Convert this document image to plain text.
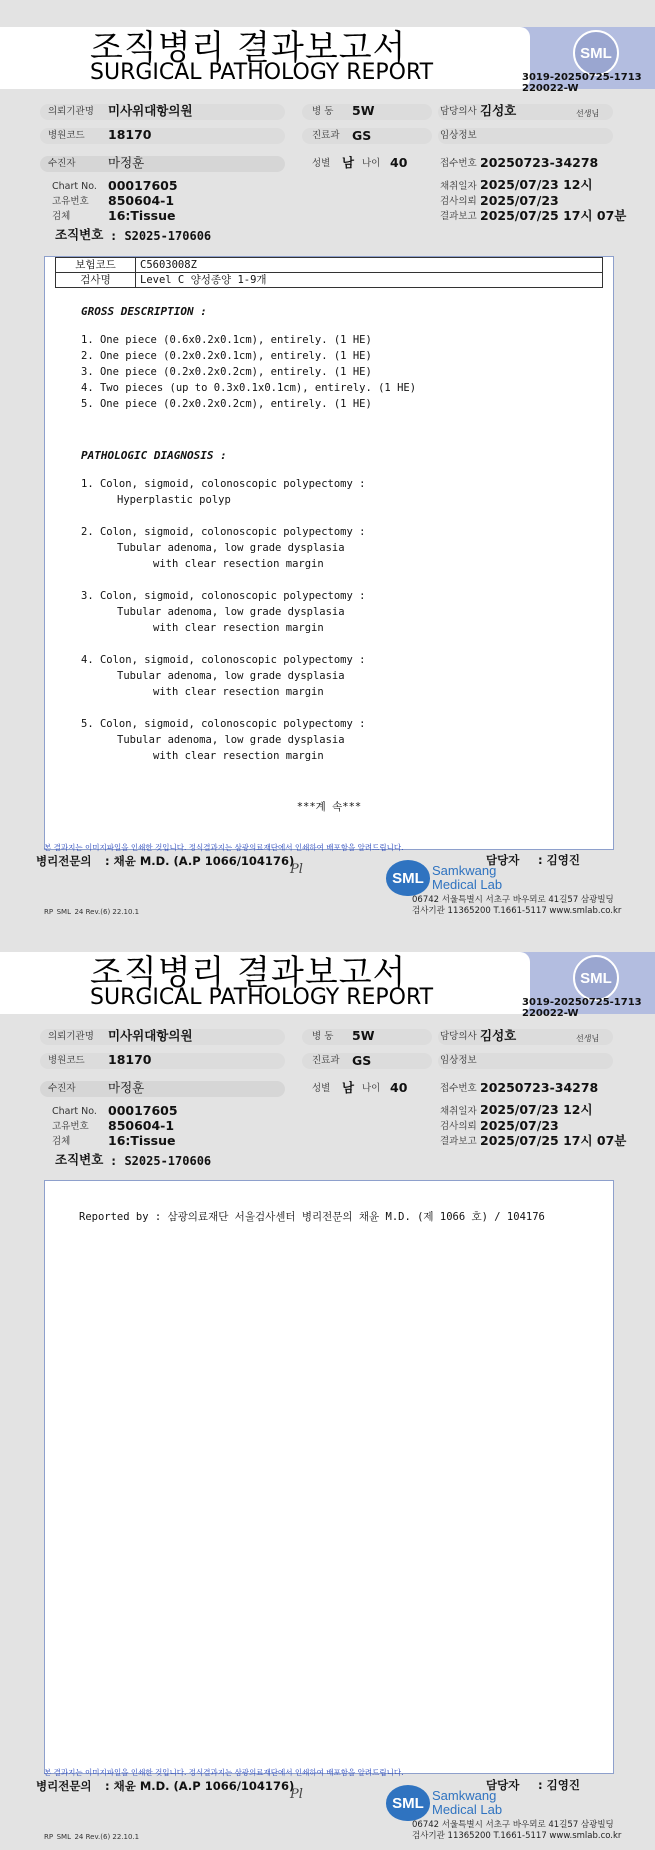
조직병리 결과보고서
SURGICAL PATHOLOGY REPORT
SML
3019-20250725-1713
220022-W
의뢰기관명 미사위대항의원	병 동 5W	담당의사 김성호	선생님
병원코드 18170	진료과 GS	임상정보
수진자	마정훈	성별 남 나이 40	접수번호 20250723-34278
Chart No. 00017605
고유번호 850604-1
검체	16:Tissue
채취일자 2025/07/23 12시
검사의뢰 2025/07/23
결과보고 2025/07/25 17시 07분
조직변호 : S2025-170606
보험코드	C5603008Z
검사명	Level C 양성종양 1-9개
GROSS DESCRIPTION :
1. One piece (0.6x0.2x0.1cm), entirely. (1 HE)
2. One piece (0.2x0.2x0.1cm), entirely. (1 HE)
3. One piece (0.2x0.2x0.2cm), entirely. (1 HE)
4. Two pieces (up to 0.3x0.1x0.1cm), entirely. (1 HE)
5. One piece (0.2x0.2x0.2cm), entirely. (1 HE)
PATHOLOGIC DIAGNOSIS :
1. Colon, sigmoid, colonoscopic polypectomy :
Hyperplastic polyp
2. Colon, sigmoid, colonoscopic polypectomy :
Tubular adenoma, low grade dysplasia
with clear resection margin
3. Colon, sigmoid, colonoscopic polypectomy :
Tubular adenoma, low grade dysplasia
with clear resection margin
4. Colon, sigmoid, colonoscopic polypectomy :
Tubular adenoma, low grade dysplasia
with clear resection margin
5. Colon, sigmoid, colonoscopic polypectomy :
Tubular adenoma, low grade dysplasia
with clear resection margin
***계 속***
본 결과지는 이미지파일을 인쇄한 것입니다. 정식결과지는 삼광의료재단에서 인쇄하여 배포함을 알려드립니다.
병리전문의 : 채윤 M.D. (A.P 1066/104176)
Pl
담당자 : 김영진
SML Samkwang
Medical Lab
06742 서울특별시 서초구 바우뫼로 41길57 삼광빌딩
검사기관 11365200 T.1661-5117 www.smlab.co.kr
RP_SML_24 Rev.(6) 22.10.1
조직병리 결과보고서
SURGICAL PATHOLOGY REPORT
SML
3019-20250725-1713
220022-W
의뢰기관명 미사위대항의원	병 동 5W	담당의사 김성호	선생님
병원코드 18170	진료과 GS	임상정보
수진자	마정훈	성별 남 나이 40	접수번호 20250723-34278
Chart No. 00017605
고유번호 850604-1
검체	16:Tissue
채취일자 2025/07/23 12시
검사의뢰 2025/07/23
결과보고 2025/07/25 17시 07분
조직변호 : S2025-170606
Reported by : 삼광의료재단 서울검사센터 병리전문의 채윤 M.D. (제 1066 호) / 104176
본 결과지는 이미지파일을 인쇄한 것입니다. 정식결과지는 삼광의료재단에서 인쇄하여 배포함을 알려드립니다.
병리전문의 : 채윤 M.D. (A.P 1066/104176)
Pl
담당자 : 김영진
SML Samkwang
Medical Lab
06742 서울특별시 서초구 바우뫼로 41길57 삼광빌딩
검사기관 11365200 T.1661-5117 www.smlab.co.kr
RP_SML_24 Rev.(6) 22.10.1
